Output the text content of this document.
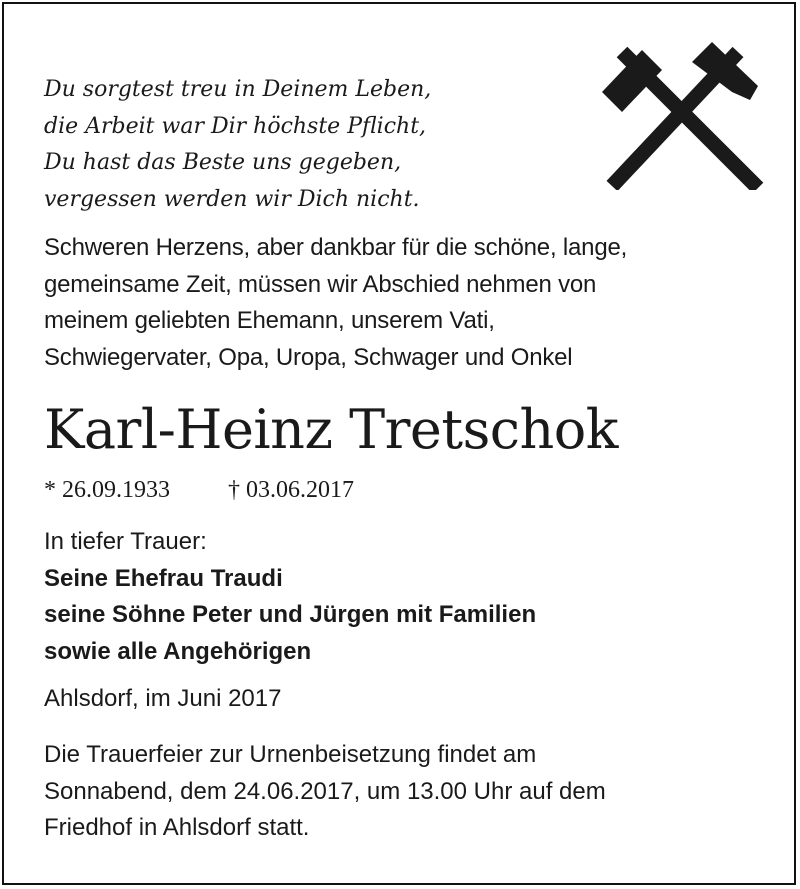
Du sorgtest treu in Deinem Leben,
die Arbeit war Dir höchste Pflicht,
Du hast das Beste uns gegeben,
vergessen werden wir Dich nicht.
Schweren Herzens, aber dankbar für die schöne, lange,
gemeinsame Zeit, müssen wir Abschied nehmen von
meinem geliebten Ehemann, unserem Vati,
Schwiegervater, Opa, Uropa, Schwager und Onkel
Karl-Heinz Tretschok
* 26.09.1933 † 03.06.2017
In tiefer Trauer:
Seine Ehefrau Traudi
seine Söhne Peter und Jürgen mit Familien
sowie alle Angehörigen
Ahlsdorf, im Juni 2017
Die Trauerfeier zur Urnenbeisetzung findet am
Sonnabend, dem 24.06.2017, um 13.00 Uhr auf dem
Friedhof in Ahlsdorf statt.
